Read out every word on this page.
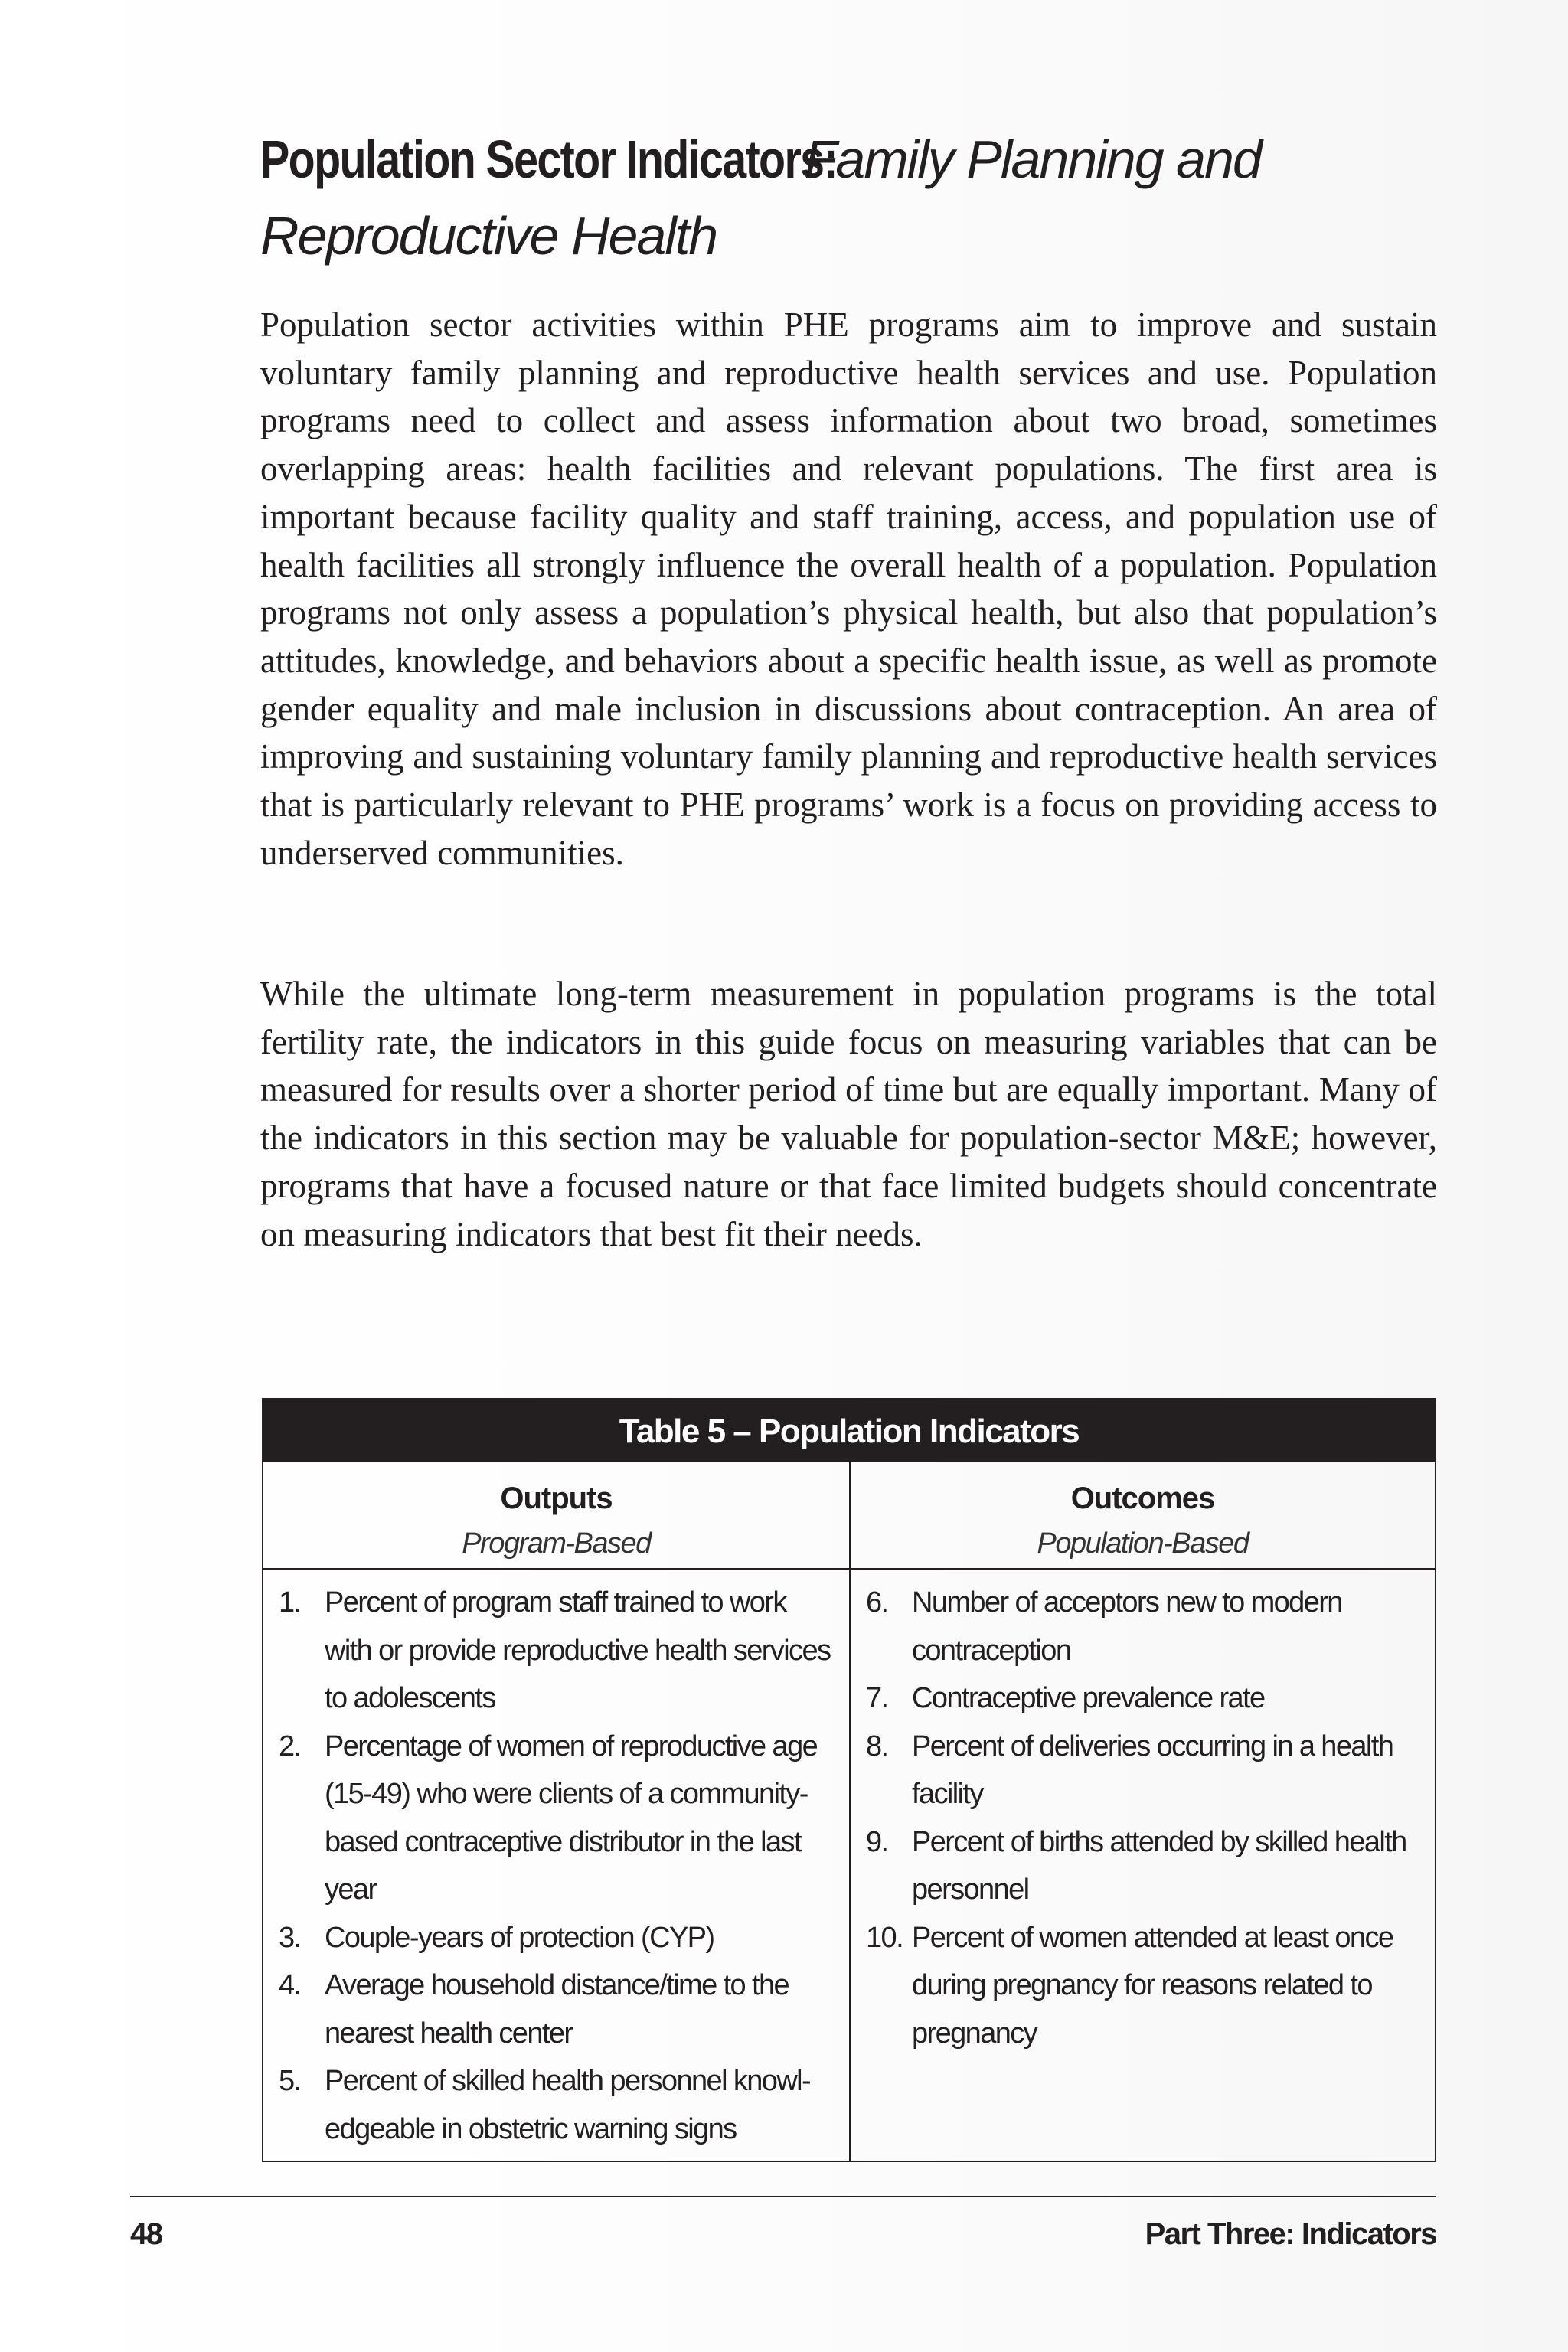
Population Sector Indicators: Family Planning and
Reproductive Health

Population sector activities within PHE programs aim to improve and sustain voluntary family planning and reproductive health services and use. Population programs need to collect and assess information about two broad, sometimes overlapping areas: health facilities and relevant populations. The first area is important because facility quality and staff training, access, and population use of health facilities all strongly influence the overall health of a population. Population programs not only assess a population’s physical health, but also that population’s attitudes, knowledge, and behaviors about a specific health issue, as well as promote gender equality and male inclusion in discussions about contraception. An area of improving and sustaining voluntary family planning and reproductive health services that is particularly relevant to PHE programs’ work is a focus on providing access to underserved communities.

While the ultimate long-term measurement in population programs is the total fertility rate, the indicators in this guide focus on measuring variables that can be measured for results over a shorter period of time but are equally important. Many of the indicators in this section may be valuable for population-sector M&E; however, programs that have a focused nature or that face limited budgets should concentrate on measuring indicators that best fit their needs.

Table 5 – Population Indicators
Outputs
Program-Based
1. Percent of program staff trained to work with or provide reproductive health services to adolescents
2. Percentage of women of reproductive age (15-49) who were clients of a community-based contraceptive distributor in the last year
3. Couple-years of protection (CYP)
4. Average household distance/time to the nearest health center
5. Percent of skilled health personnel knowledgeable in obstetric warning signs
Outcomes
Population-Based
6. Number of acceptors new to modern contraception
7. Contraceptive prevalence rate
8. Percent of deliveries occurring in a health facility
9. Percent of births attended by skilled health personnel
10. Percent of women attended at least once during pregnancy for reasons related to pregnancy
48	Part Three: Indicators
